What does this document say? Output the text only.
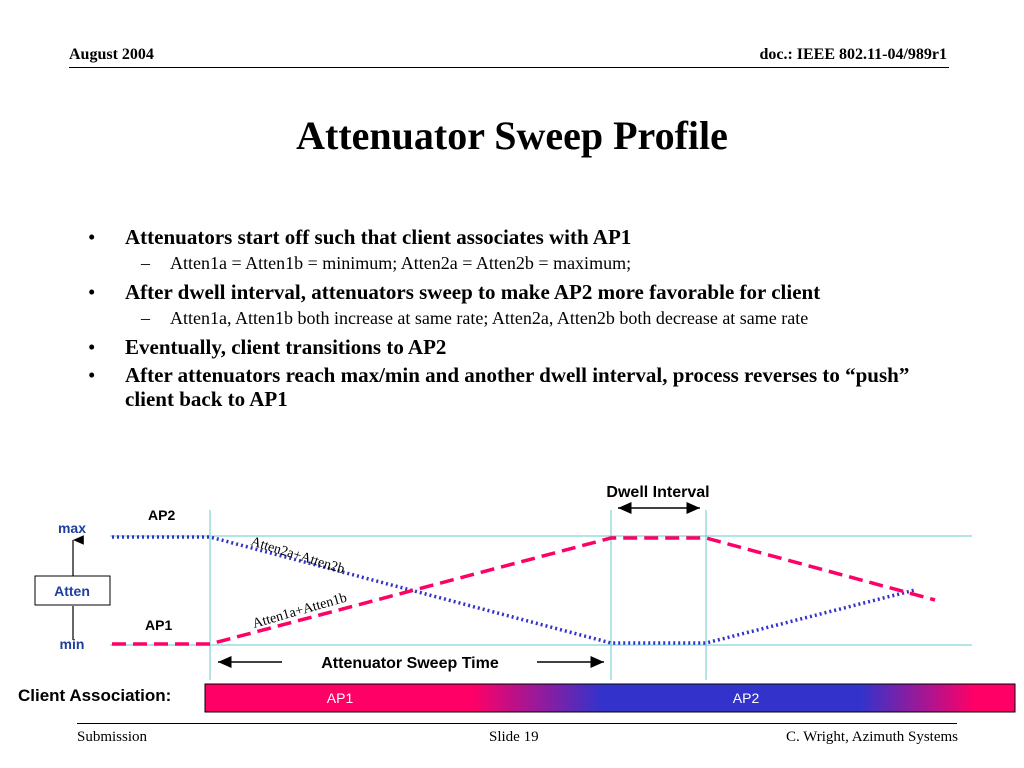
August 2004	doc.: IEEE 802.11-04/989r1
Attenuator Sweep Profile
• Attenuators start off such that client associates with AP1
– Atten1a = Atten1b = minimum; Atten2a = Atten2b = maximum;
• After dwell interval, attenuators sweep to make AP2 more favorable for client
– Atten1a, Atten1b both increase at same rate; Atten2a, Atten2b both decrease at same rate
• Eventually, client transitions to AP2
• After attenuators reach max/min and another dwell interval, process reverses to “push” client back to AP1
Atten
max
min
AP2
AP1
Dwell Interval
Attenuator Sweep Time
Atten2a+Atten2b
Atten1a+Atten1b
Client Association:	AP1	AP2
Submission	Slide 19	C. Wright, Azimuth Systems
